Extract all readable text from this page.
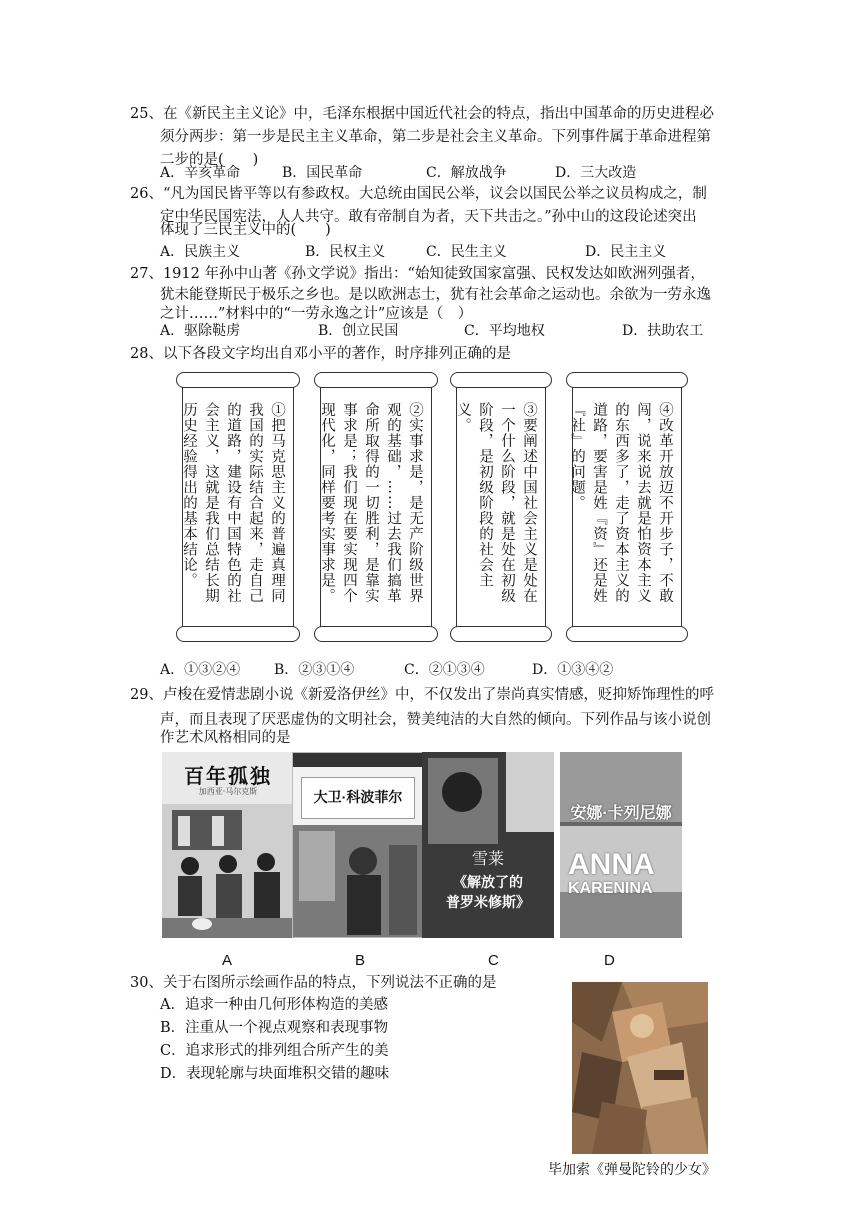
25、在《新民主主义论》中，毛泽东根据中国近代社会的特点，指出中国革命的历史进程必
须分两步：第一步是民主主义革命，第二步是社会主义革命。下列事件属于革命进程第
二步的是(　　)
A．辛亥革命	B．国民革命	C．解放战争	D．三大改造
26、“凡为国民皆平等以有参政权。大总统由国民公举，议会以国民公举之议员构成之，制
定中华民国宪法，人人共守。敢有帝制自为者，天下共击之。”孙中山的这段论述突出
体现了三民主义中的(　　)
A．民族主义	B．民权主义	C．民生主义	D．民主主义
27、1912 年孙中山著《孙文学说》指出：“始知徒致国家富强、民权发达如欧洲列强者，
犹未能登斯民于极乐之乡也。是以欧洲志士，犹有社会革命之运动也。余欲为一劳永逸
之计……”材料中的“一劳永逸之计”应该是（　）
A．驱除鞑虏	B．创立民国	C．平均地权	D．扶助农工
28、以下各段文字均出自邓小平的著作，时序排列正确的是
①把马克思主义的普遍真理同我国的实际结合起来，走自己的道路，建设有中国特色的社会主义，这就是我们总结长期历史经验得出的基本结论。	②实事求是，是无产阶级世界观的基础，……过去我们搞革命所取得的一切胜利，是靠实事求是；我们现在要实现四个现代化，同样要考实事求是。	③要阐述中国社会主义是处在一个什么阶段，就是处在初级阶段，是初级阶段的社会主义。	④改革开放迈不开步子，不敢闯，说来说去就是怕资本主义的东西多了，走了资本主义的道路，要害是姓『资』还是姓『社』的问题。
A．①③②④ B．②③①④	C．②①③④	D．①③④②
29、卢梭在爱情悲剧小说《新爱洛伊丝》中，不仅发出了崇尚真实情感，贬抑矫饰理性的呼
声，而且表现了厌恶虚伪的文明社会，赞美纯洁的大自然的倾向。下列作品与该小说创
作艺术风格相同的是
百年孤独
加西亚·马尔克斯
A
大卫·科波菲尔
B
雪莱
《解放了的
普罗米修斯》
C
安娜·卡列尼娜
ANNA
KARENINA
D
30、关于右图所示绘画作品的特点，下列说法不正确的是
A．追求一种由几何形体构造的美感
B．注重从一个视点观察和表现事物
C．追求形式的排列组合所产生的美
D．表现轮廓与块面堆积交错的趣味
毕加索《弹曼陀铃的少女》
